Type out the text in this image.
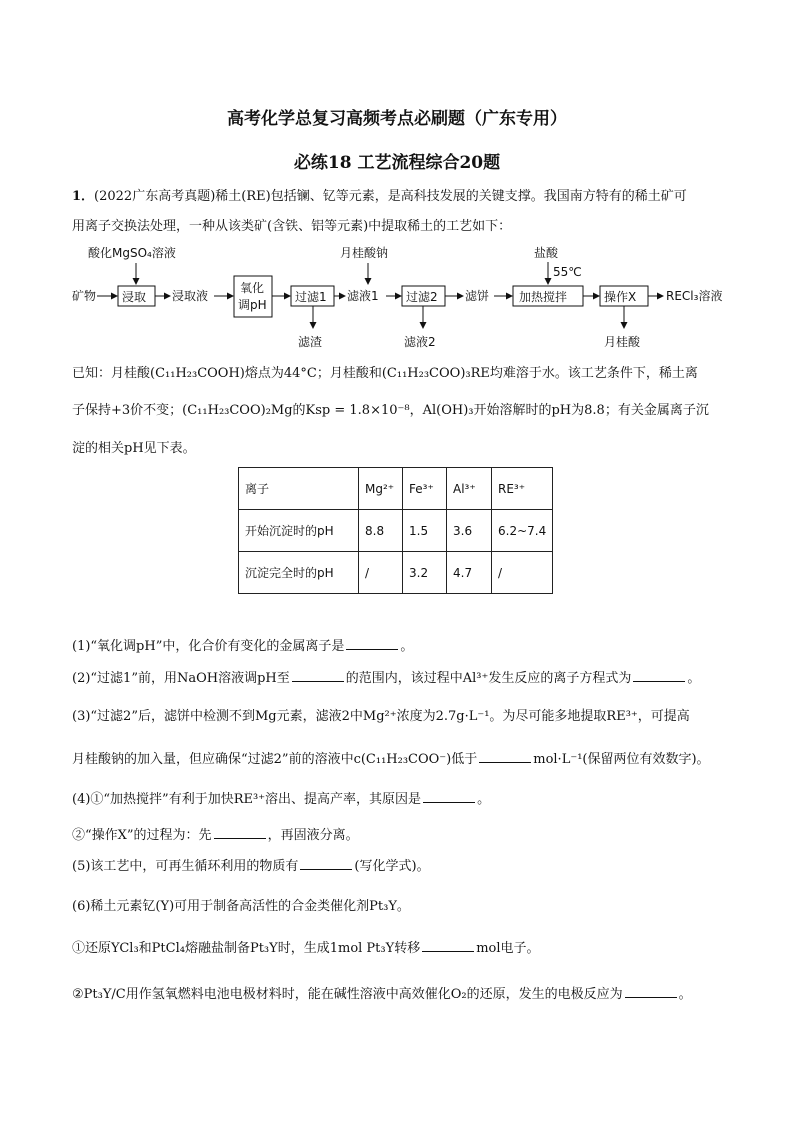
高考化学总复习高频考点必刷题（广东专用）
必练18 工艺流程综合20题
1．(2022广东高考真题)稀土(RE)包括镧、钇等元素，是高科技发展的关键支撑。我国南方特有的稀土矿可
用离子交换法处理，一种从该类矿(含铁、铝等元素)中提取稀土的工艺如下：
酸化MgSO₄溶液	月桂酸钠	盐酸
55℃
矿物 浸取 浸取液
氧化
调pH
过滤1 滤液1 过滤2 滤饼 加热搅拌	操作X RECl₃溶液
滤渣	滤液2	月桂酸
已知：月桂酸(C₁₁H₂₃COOH)熔点为44°C；月桂酸和(C₁₁H₂₃COO)₃RE均难溶于水。该工艺条件下，稀土离
子保持+3价不变；(C₁₁H₂₃COO)₂Mg的Ksp = 1.8×10⁻⁸，Al(OH)₃开始溶解时的pH为8.8；有关金属离子沉
淀的相关pH见下表。
离子	Mg²⁺	Fe³⁺	Al³⁺	RE³⁺
开始沉淀时的pH	8.8	1.5	3.6	6.2~7.4
沉淀完全时的pH	/	3.2	4.7	/
(1)“氧化调pH”中，化合价有变化的金属离子是	。
(2)“过滤1”前，用NaOH溶液调pH至	的范围内，该过程中Al³⁺发生反应的离子方程式为	。
(3)“过滤2”后，滤饼中检测不到Mg元素，滤液2中Mg²⁺浓度为2.7g·L⁻¹。为尽可能多地提取RE³⁺，可提高
月桂酸钠的加入量，但应确保“过滤2”前的溶液中c(C₁₁H₂₃COO⁻)低于	mol·L⁻¹(保留两位有效数字)。
(4)①“加热搅拌”有利于加快RE³⁺溶出、提高产率，其原因是	。
②“操作X”的过程为：先	，再固液分离。
(5)该工艺中，可再生循环利用的物质有	(写化学式)。
(6)稀土元素钇(Y)可用于制备高活性的合金类催化剂Pt₃Y。
①还原YCl₃和PtCl₄熔融盐制备Pt₃Y时，生成1mol Pt₃Y转移	mol电子。
②Pt₃Y/C用作氢氧燃料电池电极材料时，能在碱性溶液中高效催化O₂的还原，发生的电极反应为	。
